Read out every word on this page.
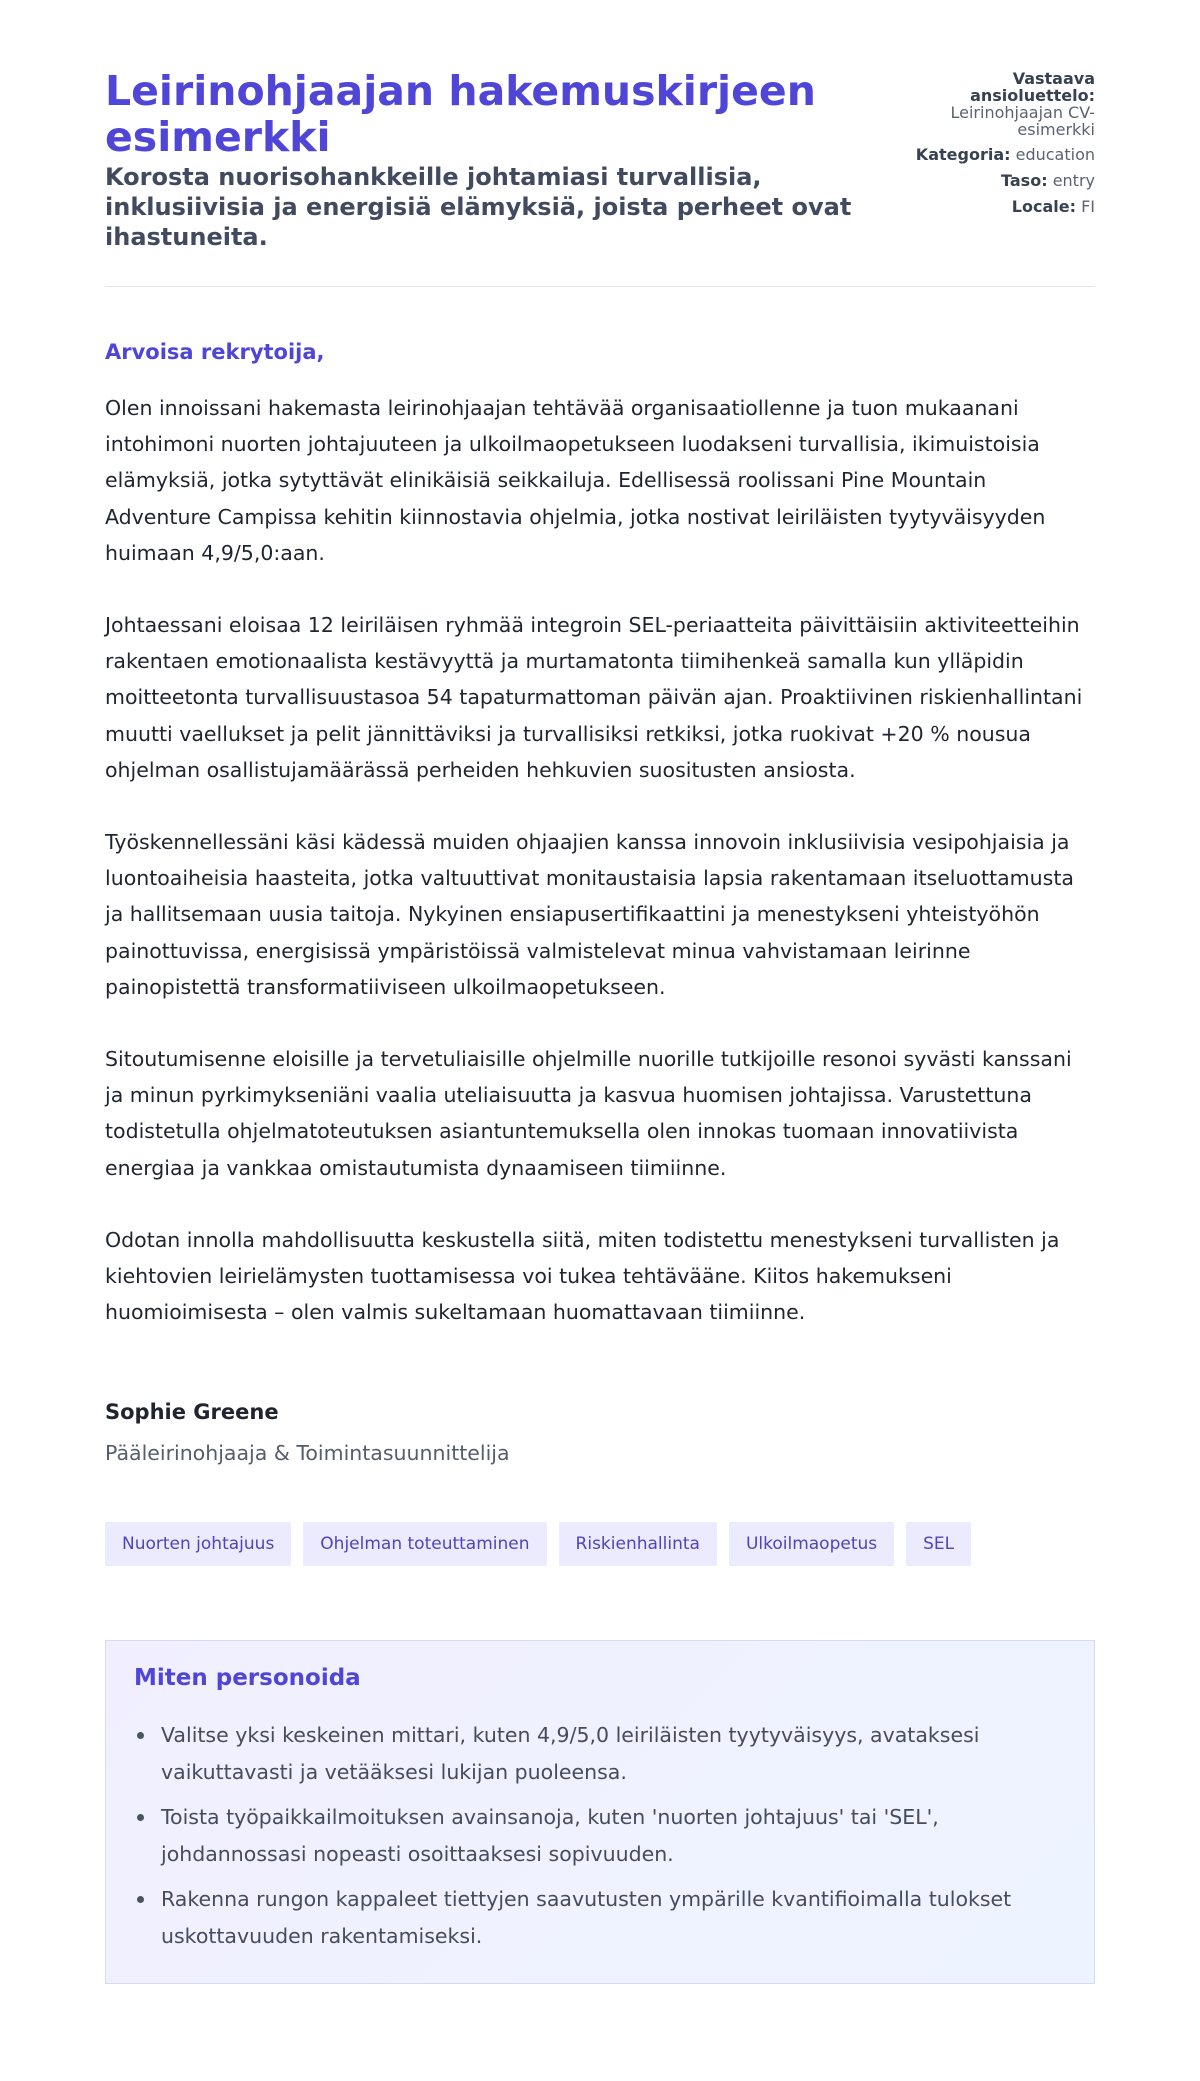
Leirinohjaajan hakemuskirjeen esimerkki
Korosta nuorisohankkeille johtamiasi turvallisia, inklusiivisia ja energisiä elämyksiä, joista perheet ovat ihastuneita.
Vastaava ansioluettelo:
Leirinohjaajan CV-esimerkki
Kategoria: education
Taso: entry
Locale: FI

Arvoisa rekrytoija,

Olen innoissani hakemasta leirinohjaajan tehtävää organisaatiollenne ja tuon mukaanani intohimoni nuorten johtajuuteen ja ulkoilmaopetukseen luodakseni turvallisia, ikimuistoisia elämyksiä, jotka sytyttävät elinikäisiä seikkailuja. Edellisessä roolissani Pine Mountain Adventure Campissa kehitin kiinnostavia ohjelmia, jotka nostivat leiriläisten tyytyväisyyden huimaan 4,9/5,0:aan.

Johtaessani eloisaa 12 leiriläisen ryhmää integroin SEL-periaatteita päivittäisiin aktiviteetteihin rakentaen emotionaalista kestävyyttä ja murtamatonta tiimihenkeä samalla kun ylläpidin moitteetonta turvallisuustasoa 54 tapaturmattoman päivän ajan. Proaktiivinen riskienhallintani muutti vaellukset ja pelit jännittäviksi ja turvallisiksi retkiksi, jotka ruokivat +20 % nousua ohjelman osallistujamäärässä perheiden hehkuvien suositusten ansiosta.

Työskennellessäni käsi kädessä muiden ohjaajien kanssa innovoin inklusiivisia vesipohjaisia ja luontoaiheisia haasteita, jotka valtuuttivat monitaustaisia lapsia rakentamaan itseluottamusta ja hallitsemaan uusia taitoja. Nykyinen ensiapusertifikaattini ja menestykseni yhteistyöhön painottuvissa, energisissä ympäristöissä valmistelevat minua vahvistamaan leirinne painopistettä transformatiiviseen ulkoilmaopetukseen.

Sitoutumisenne eloisille ja tervetuliaisille ohjelmille nuorille tutkijoille resonoi syvästi kanssani ja minun pyrkimykseniäni vaalia uteliaisuutta ja kasvua huomisen johtajissa. Varustettuna todistetulla ohjelmatoteutuksen asiantuntemuksella olen innokas tuomaan innovatiivista energiaa ja vankkaa omistautumista dynaamiseen tiimiinne.

Odotan innolla mahdollisuutta keskustella siitä, miten todistettu menestykseni turvallisten ja kiehtovien leirielämysten tuottamisessa voi tukea tehtävääne. Kiitos hakemukseni huomioimisesta – olen valmis sukeltamaan huomattavaan tiimiinne.

Sophie Greene
Pääleirinohjaaja & Toimintasuunnittelija
Nuorten johtajuus	Ohjelman toteuttaminen	Riskienhallinta	Ulkoilmaopetus	SEL
Miten personoida
Valitse yksi keskeinen mittari, kuten 4,9/5,0 leiriläisten tyytyväisyys, avataksesi vaikuttavasti ja vetääksesi lukijan puoleensa.
Toista työpaikkailmoituksen avainsanoja, kuten 'nuorten johtajuus' tai 'SEL', johdannossasi nopeasti osoittaaksesi sopivuuden.
Rakenna rungon kappaleet tiettyjen saavutusten ympärille kvantifioimalla tulokset uskottavuuden rakentamiseksi.
